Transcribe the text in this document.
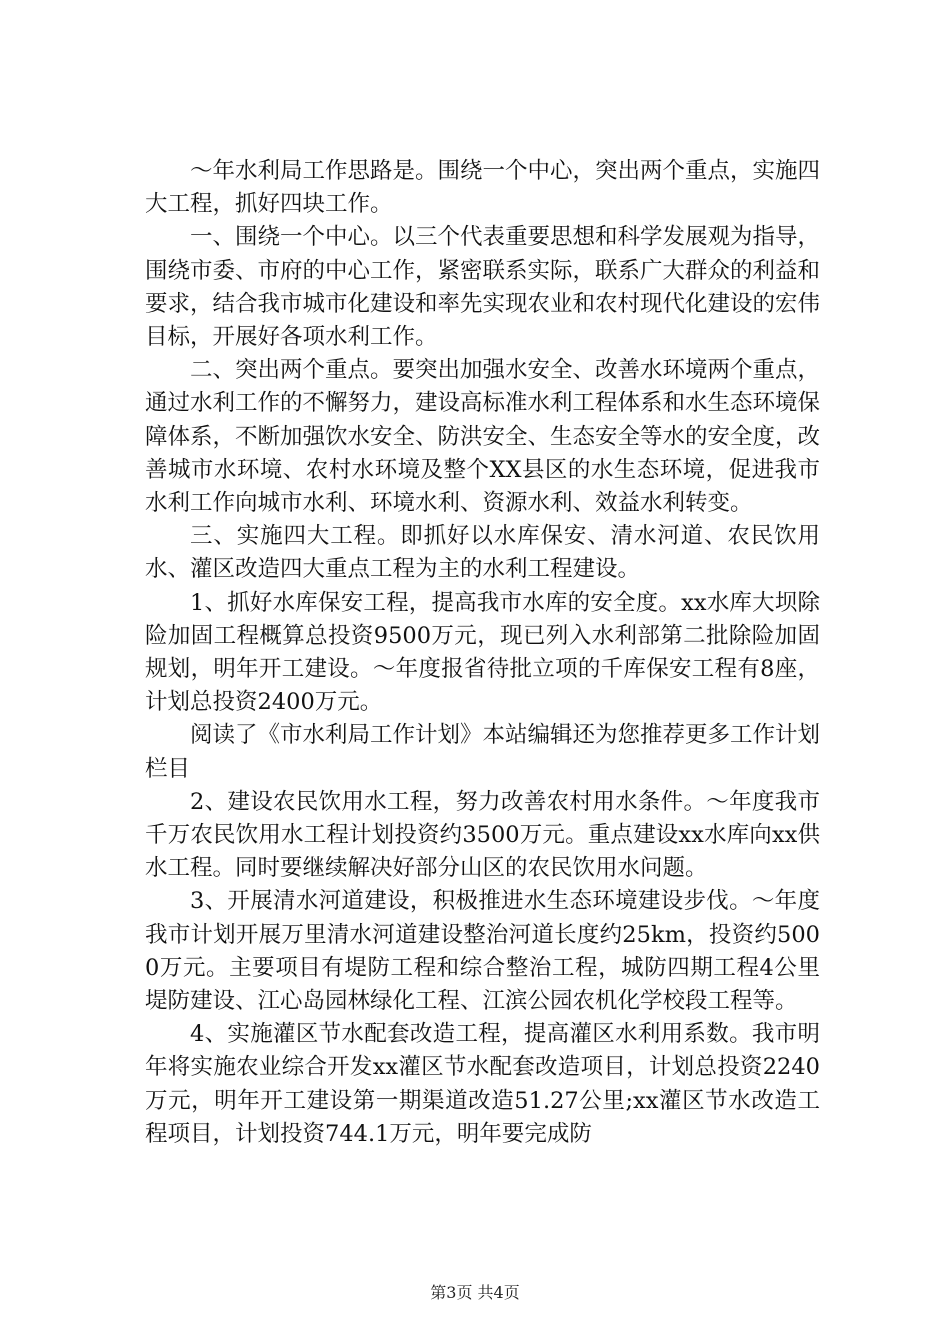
～年水利局工作思路是。围绕一个中心，突出两个重点，实施四大工程，抓好四块工作。

一、围绕一个中心。以三个代表重要思想和科学发展观为指导，围绕市委、市府的中心工作，紧密联系实际，联系广大群众的利益和要求，结合我市城市化建设和率先实现农业和农村现代化建设的宏伟目标，开展好各项水利工作。

二、突出两个重点。要突出加强水安全、改善水环境两个重点，通过水利工作的不懈努力，建设高标准水利工程体系和水生态环境保障体系，不断加强饮水安全、防洪安全、生态安全等水的安全度，改善城市水环境、农村水环境及整个XX县区的水生态环境，促进我市水利工作向城市水利、环境水利、资源水利、效益水利转变。

三、实施四大工程。即抓好以水库保安、清水河道、农民饮用水、灌区改造四大重点工程为主的水利工程建设。

1、抓好水库保安工程，提高我市水库的安全度。xx水库大坝除险加固工程概算总投资9500万元，现已列入水利部第二批除险加固规划，明年开工建设。～年度报省待批立项的千库保安工程有8座，计划总投资2400万元。

阅读了《市水利局工作计划》本站编辑还为您推荐更多工作计划栏目

2、建设农民饮用水工程，努力改善农村用水条件。～年度我市千万农民饮用水工程计划投资约3500万元。重点建设xx水库向xx供水工程。同时要继续解决好部分山区的农民饮用水问题。

3、开展清水河道建设，积极推进水生态环境建设步伐。～年度我市计划开展万里清水河道建设整治河道长度约25km，投资约5000万元。主要项目有堤防工程和综合整治工程，城防四期工程4公里堤防建设、江心岛园林绿化工程、江滨公园农机化学校段工程等。

4、实施灌区节水配套改造工程，提高灌区水利用系数。我市明年将实施农业综合开发xx灌区节水配套改造项目，计划总投资2240万元，明年开工建设第一期渠道改造51.27公里;xx灌区节水改造工程项目，计划投资744.1万元，明年要完成防

第3页 共4页
